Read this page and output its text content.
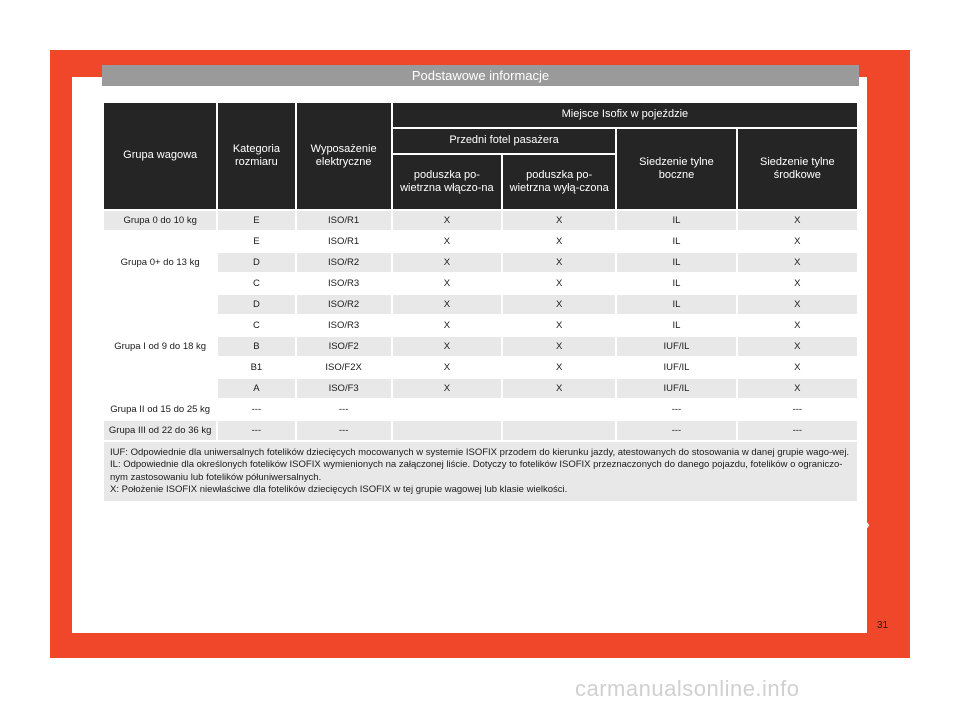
Podstawowe informacje
Grupa wagowa	Kategoria rozmiaru	Wyposażenie elektryczne	Miejsce Isofix w pojeździe			
			Przedni fotel pasażera		Siedzenie tylne boczne	Siedzenie tylne środkowe
			poduszka po-wietrzna włączo-na	poduszka po-wietrzna wyłą-czona		
Grupa 0 do 10 kg	E	ISO/R1	X	X	IL	X
Grupa 0+ do 13 kg	E	ISO/R1	X	X	IL	X
	D	ISO/R2	X	X	IL	X
	C	ISO/R3	X	X	IL	X
Grupa I od 9 do 18 kg	D	ISO/R2	X	X	IL	X
	C	ISO/R3	X	X	IL	X
	B	ISO/F2	X	X	IUF/IL	X
	B1	ISO/F2X	X	X	IUF/IL	X
	A	ISO/F3	X	X	IUF/IL	X
Grupa II od 15 do 25 kg	---	---			---	---
Grupa III od 22 do 36 kg	---	---			---	---

IUF: Odpowiednie dla uniwersalnych fotelików dziecięcych mocowanych w systemie ISOFIX przodem do kierunku jazdy, atestowanych do stosowania w danej grupie wago-wej.
IL: Odpowiednie dla określonych fotelików ISOFIX wymienionych na załączonej liście. Dotyczy to fotelików ISOFIX przeznaczonych do danego pojazdu, fotelików o ograniczo-nym zastosowaniu lub fotelików półuniwersalnych.
X: Położenie ISOFIX niewłaściwe dla fotelików dziecięcych ISOFIX w tej grupie wagowej lub klasie wielkości.						
»
31
carmanualsonline.info
